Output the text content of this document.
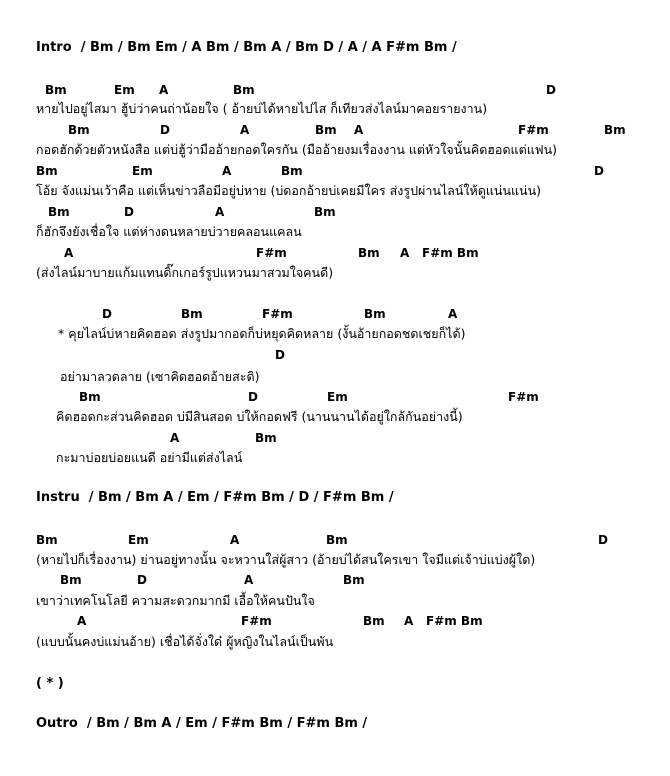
Intro  / Bm / Bm Em / A Bm / Bm A / Bm D / A / A F#m Bm /

Bm

	Em

A

	Bm

	D

หายไปอยู่ไสมา ฮู้บ่ว่าคนถ่าน้อยใจ ( อ้ายบ่ได้หายไปไส ก็เทียวส่งไลน์มาคอยรายงาน)

Bm

	D

	A

	Bm

A

	F#m

	Bm

กอดฮักด้วยตัวหนังสือ แต่บ่ฮู้ว่ามืออ้ายกอดใครกัน (มืออ้ายงมเรื่องงาน แต่หัวใจนั้นคิดฮอดแต่แฟน)

Bm

	Em

	A

	Bm

	D

โอ้ย จังแม่นเว้าคือ แต่เห็นข่าวลือมีอยู่บ่หาย (บ่ดอกอ้ายบ่เคยมีใคร ส่งรูปผ่านไลน์ให้ดูแน่นแน่น)

Bm

	D

	A

	Bm

ก็ฮักจึงยังเชื่อใจ แต่ห่างดนหลายบ่วายคลอนแคลน

A

	F#m

	Bm

A

F#m Bm

(ส่งไลน์มาบายแก้มแทนดิ๊กเกอร์รูปแหวนมาสวมใจคนดี)

D

	Bm

	F#m

	Bm

	A

* คุยไลน์บ่หายคิดฮอด ส่งรูปมากอดก็บ่หยุดคิดหลาย (งั้นอ้ายกอดชดเชยก็ได้)

D

อย่ามาลวดลาย (เซาคิดฮอดอ้ายสะดิ)

Bm

	D

	Em

	F#m

คิดฮอดกะส่วนคิดฮอด บ่มีสินสอด บ่ให้กอดฟรี (นานนานได้อยู่ใกล้กันอย่างนี้)

A

	Bm

กะมาบ่อยบ่อยแนดี อย่ามีแต่ส่งไลน์
Instru  / Bm / Bm A / Em / F#m Bm / D / F#m Bm /

Bm

	Em

	A

	Bm

	D

(หายไปก็เรื่องงาน) ย่านอยู่ทางนั้น จะหวานใส่ผู้สาว (อ้ายบ่ได้สนใครเขา ใจมีแต่เจ้าบ่แบ่งผู้ใด)

Bm

	D

	A

	Bm

เขาว่าเทคโนโลยี ความสะดวกมากมี เอื้อให้คนปันใจ

A

	F#m

	Bm

A

F#m Bm

(แบบนั้นคงบ่แม่นอ้าย) เชื่อได้จั่งใด๋ ผู้หญิงในไลน์เป็นพัน
( * )
Outro  / Bm / Bm A / Em / F#m Bm / F#m Bm /
